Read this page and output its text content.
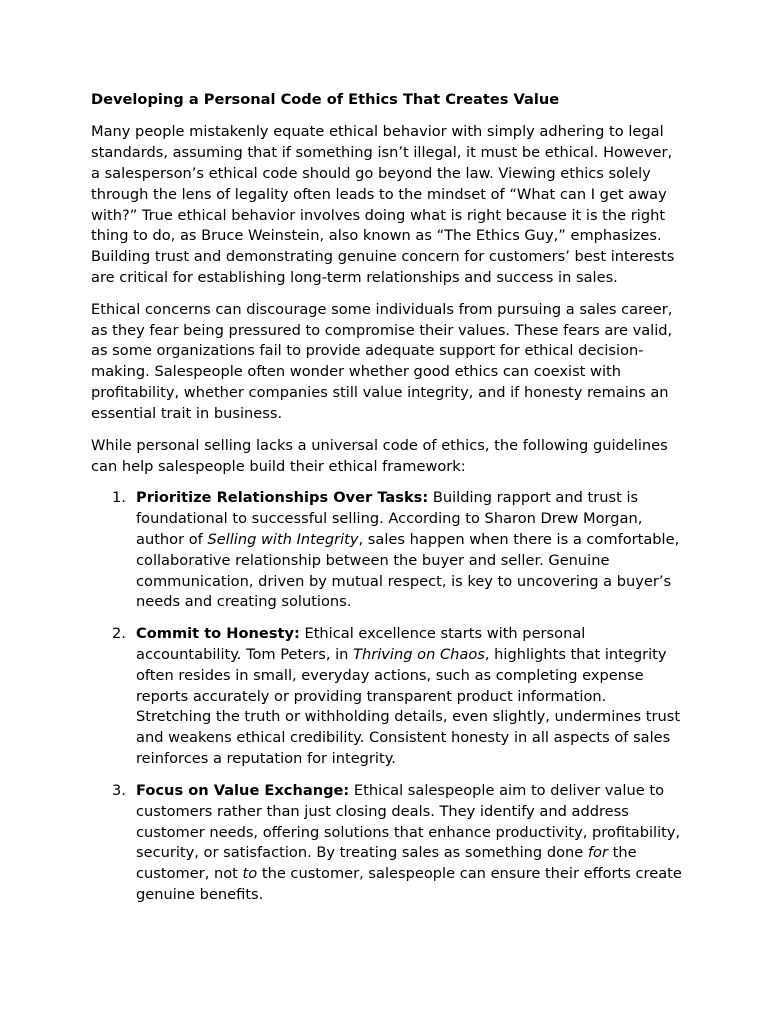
Developing a Personal Code of Ethics That Creates Value

Many people mistakenly equate ethical behavior with simply adhering to legal standards, assuming that if something isn’t illegal, it must be ethical. However, a salesperson’s ethical code should go beyond the law. Viewing ethics solely through the lens of legality often leads to the mindset of “What can I get away with?” True ethical behavior involves doing what is right because it is the right thing to do, as Bruce Weinstein, also known as “The Ethics Guy,” emphasizes. Building trust and demonstrating genuine concern for customers’ best interests are critical for establishing long-term relationships and success in sales.

Ethical concerns can discourage some individuals from pursuing a sales career, as they fear being pressured to compromise their values. These fears are valid, as some organizations fail to provide adequate support for ethical decision-making. Salespeople often wonder whether good ethics can coexist with profitability, whether companies still value integrity, and if honesty remains an essential trait in business.

While personal selling lacks a universal code of ethics, the following guidelines can help salespeople build their ethical framework:

1. Prioritize Relationships Over Tasks: Building rapport and trust is foundational to successful selling. According to Sharon Drew Morgan, author of Selling with Integrity, sales happen when there is a comfortable, collaborative relationship between the buyer and seller. Genuine communication, driven by mutual respect, is key to uncovering a buyer’s needs and creating solutions.
2. Commit to Honesty: Ethical excellence starts with personal accountability. Tom Peters, in Thriving on Chaos, highlights that integrity often resides in small, everyday actions, such as completing expense reports accurately or providing transparent product information. Stretching the truth or withholding details, even slightly, undermines trust and weakens ethical credibility. Consistent honesty in all aspects of sales reinforces a reputation for integrity.
3. Focus on Value Exchange: Ethical salespeople aim to deliver value to customers rather than just closing deals. They identify and address customer needs, offering solutions that enhance productivity, profitability, security, or satisfaction. By treating sales as something done for the customer, not to the customer, salespeople can ensure their efforts create genuine benefits.
